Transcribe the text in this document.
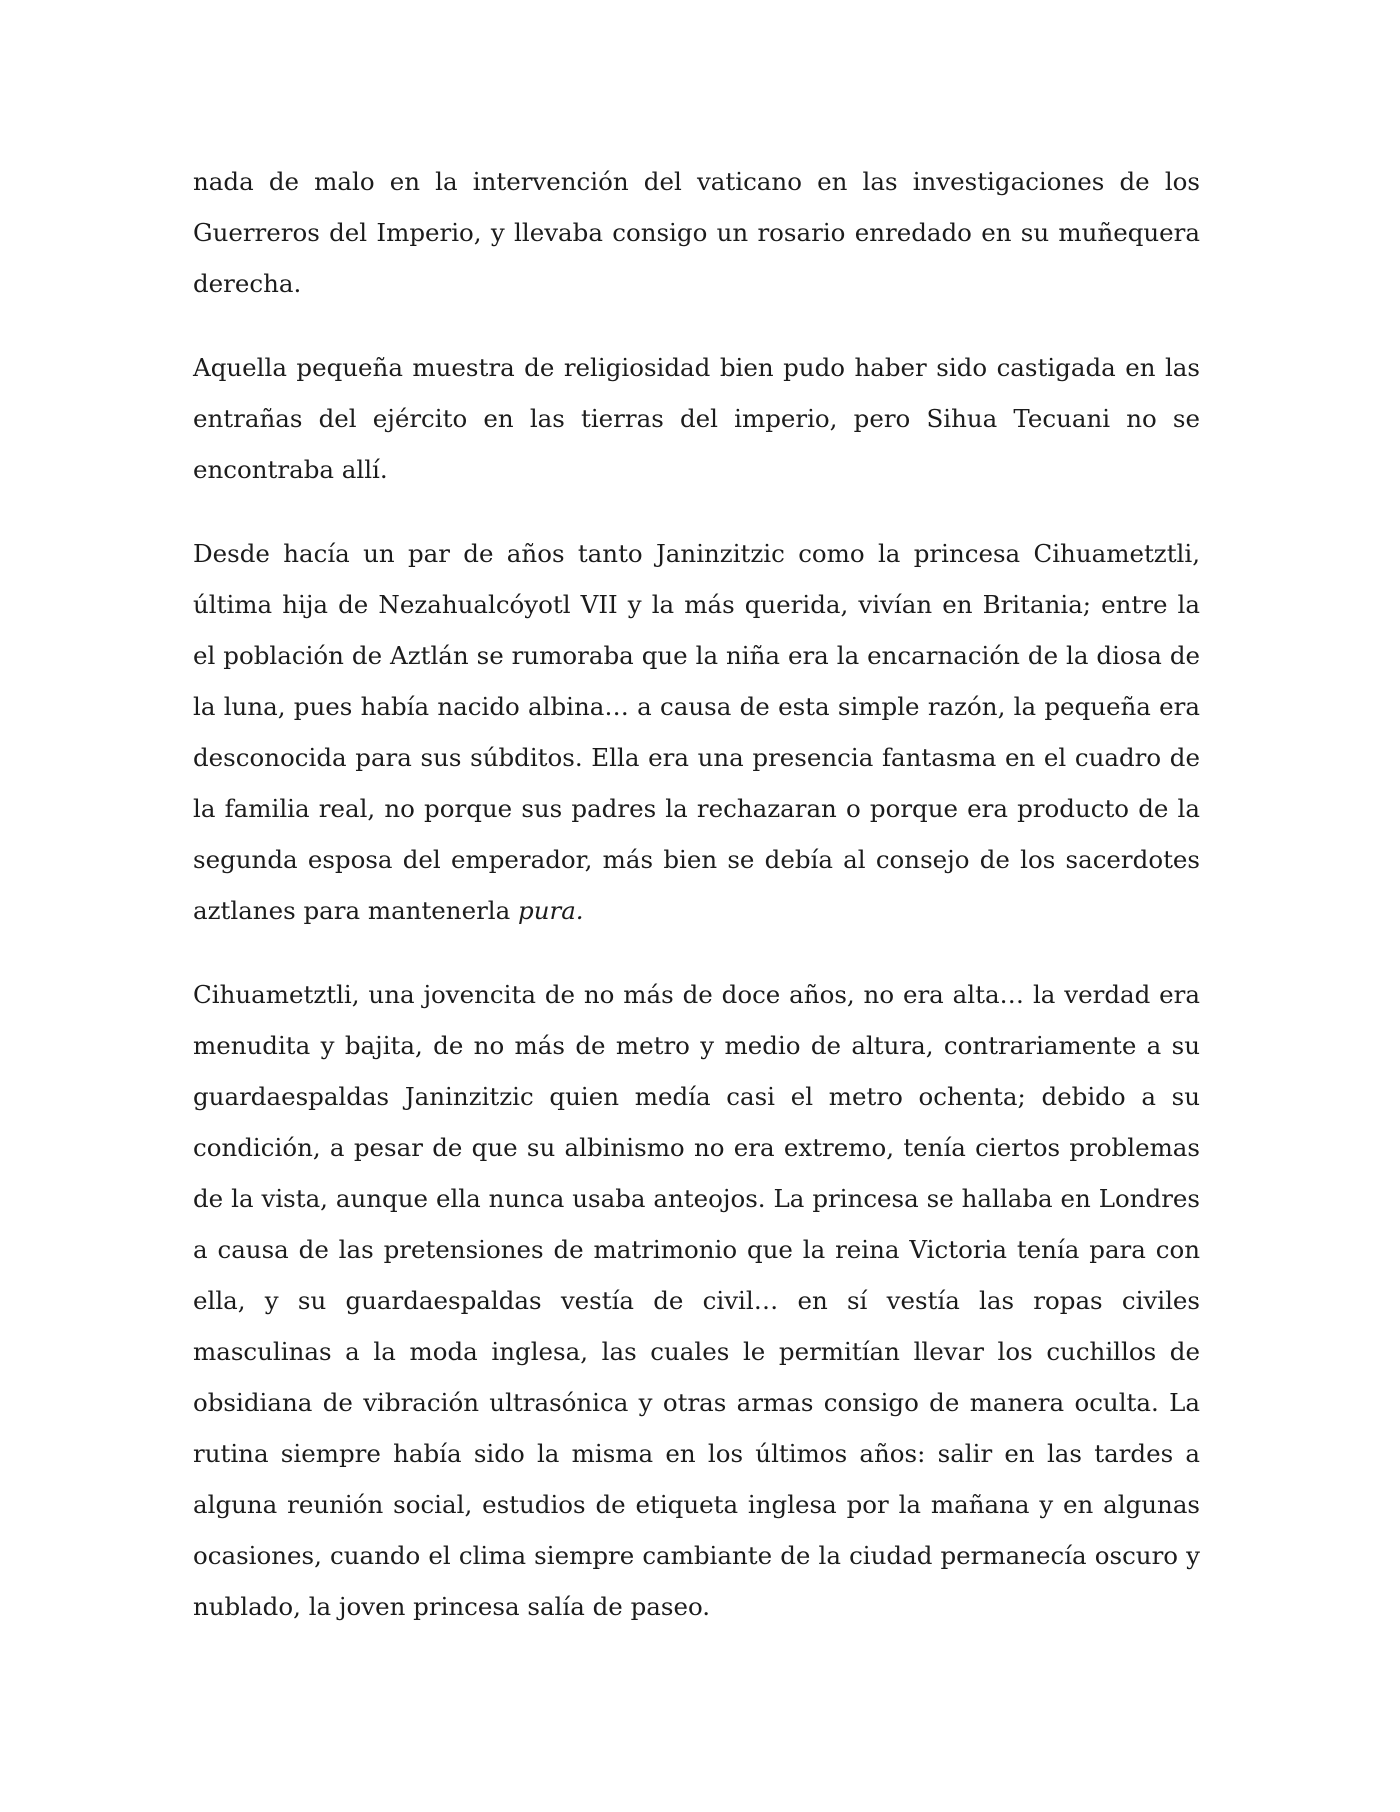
nada de malo en la intervención del vaticano en las investigaciones de los Guerreros del Imperio, y llevaba consigo un rosario enredado en su muñequera derecha.

Aquella pequeña muestra de religiosidad bien pudo haber sido castigada en las entrañas del ejército en las tierras del imperio, pero Sihua Tecuani no se encontraba allí.

Desde hacía un par de años tanto Janinzitzic como la princesa Cihuametztli, última hija de Nezahualcóyotl VII y la más querida, vivían en Britania; entre la el población de Aztlán se rumoraba que la niña era la encarnación de la diosa de la luna, pues había nacido albina… a causa de esta simple razón, la pequeña era desconocida para sus súbditos. Ella era una presencia fantasma en el cuadro de la familia real, no porque sus padres la rechazaran o porque era producto de la segunda esposa del emperador, más bien se debía al consejo de los sacerdotes aztlanes para mantenerla pura.

Cihuametztli, una jovencita de no más de doce años, no era alta… la verdad era menudita y bajita, de no más de metro y medio de altura, contrariamente a su guardaespaldas Janinzitzic quien medía casi el metro ochenta; debido a su condición, a pesar de que su albinismo no era extremo, tenía ciertos problemas de la vista, aunque ella nunca usaba anteojos. La princesa se hallaba en Londres a causa de las pretensiones de matrimonio que la reina Victoria tenía para con ella, y su guardaespaldas vestía de civil… en sí vestía las ropas civiles masculinas a la moda inglesa, las cuales le permitían llevar los cuchillos de obsidiana de vibración ultrasónica y otras armas consigo de manera oculta. La rutina siempre había sido la misma en los últimos años: salir en las tardes a alguna reunión social, estudios de etiqueta inglesa por la mañana y en algunas ocasiones, cuando el clima siempre cambiante de la ciudad permanecía oscuro y nublado, la joven princesa salía de paseo.
